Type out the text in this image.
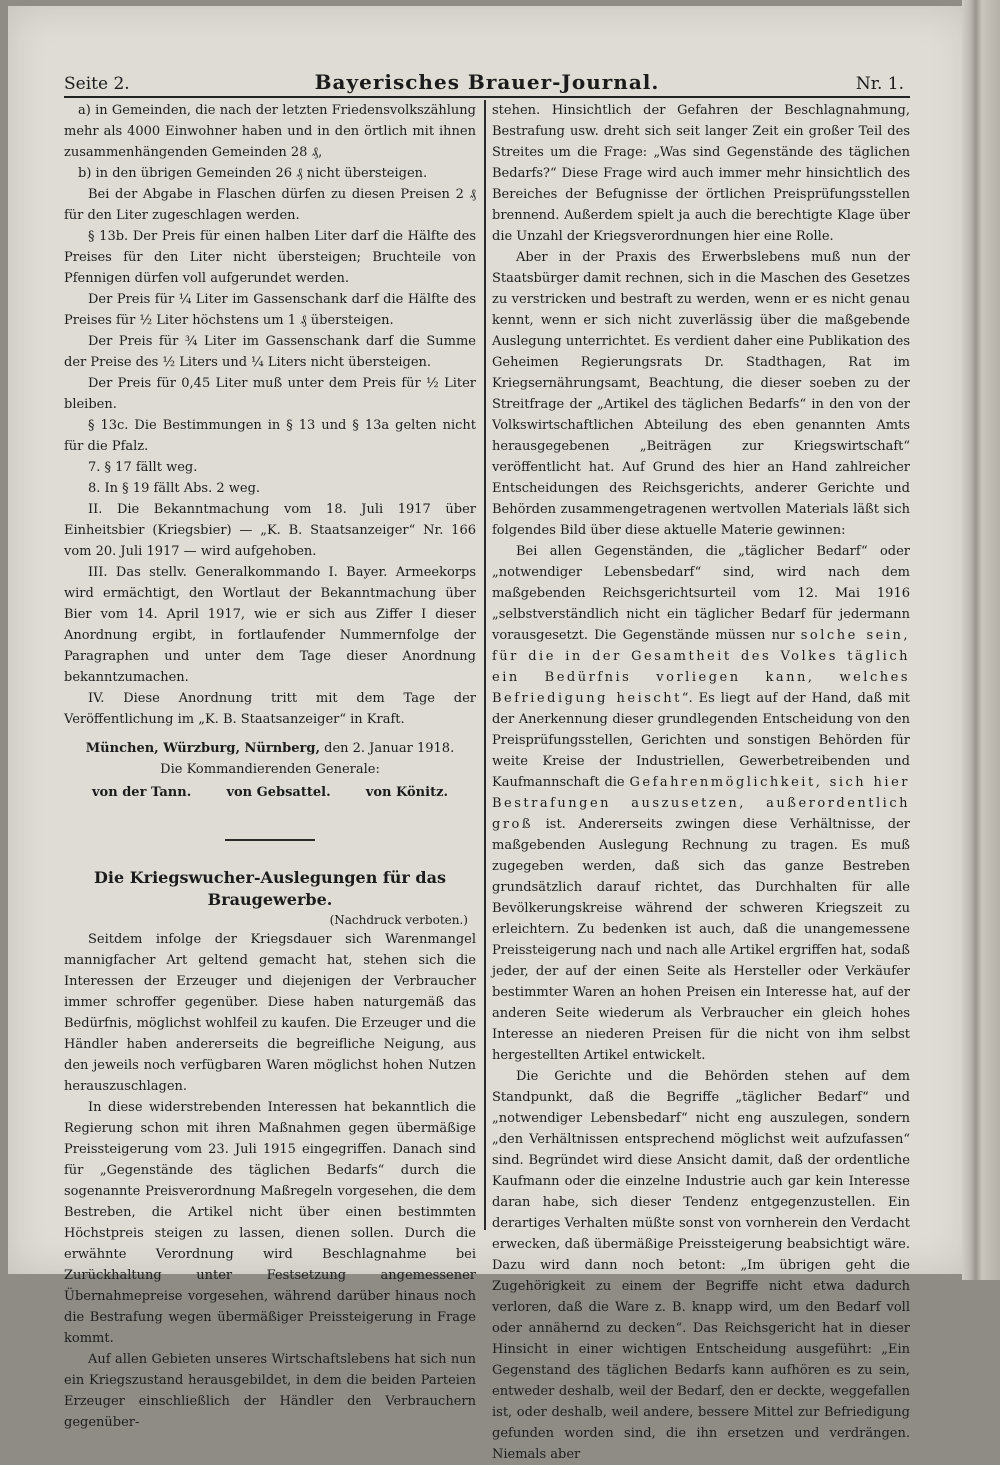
Seite 2.	Bayerisches Brauer-Journal.	Nr. 1.

a) in Gemeinden, die nach der letzten Friedensvolkszählung mehr als 4000 Einwohner haben und in den örtlich mit ihnen zusammenhängenden Gemeinden 28 ₰,

b) in den übrigen Gemeinden 26 ₰ nicht übersteigen.

Bei der Abgabe in Flaschen dürfen zu diesen Preisen 2 ₰ für den Liter zugeschlagen werden.

§ 13b. Der Preis für einen halben Liter darf die Hälfte des Preises für den Liter nicht übersteigen; Bruchteile von Pfennigen dürfen voll aufgerundet werden.

Der Preis für ¼ Liter im Gassenschank darf die Hälfte des Preises für ½ Liter höchstens um 1 ₰ übersteigen.

Der Preis für ¾ Liter im Gassenschank darf die Summe der Preise des ½ Liters und ¼ Liters nicht übersteigen.

Der Preis für 0,45 Liter muß unter dem Preis für ½ Liter bleiben.

§ 13c. Die Bestimmungen in § 13 und § 13a gelten nicht für die Pfalz.

7. § 17 fällt weg.

8. In § 19 fällt Abs. 2 weg.

II. Die Bekanntmachung vom 18. Juli 1917 über Einheitsbier (Kriegsbier) — „K. B. Staatsanzeiger“ Nr. 166 vom 20. Juli 1917 — wird aufgehoben.

III. Das stellv. Generalkommando I. Bayer. Armeekorps wird ermächtigt, den Wortlaut der Bekanntmachung über Bier vom 14. April 1917, wie er sich aus Ziffer I dieser Anordnung ergibt, in fortlaufender Nummernfolge der Paragraphen und unter dem Tage dieser Anordnung bekanntzumachen.

IV. Diese Anordnung tritt mit dem Tage der Veröffentlichung im „K. B. Staatsanzeiger“ in Kraft.

München, Würzburg, Nürnberg, den 2. Januar 1918.

Die Kommandierenden Generale:

von der Tann.	von Gebsattel.	von Könitz.

Die Kriegswucher-Auslegungen für das Braugewerbe.

(Nachdruck verboten.)

Seitdem infolge der Kriegsdauer sich Warenmangel mannigfacher Art geltend gemacht hat, stehen sich die Interessen der Erzeuger und diejenigen der Verbraucher immer schroffer gegenüber. Diese haben naturgemäß das Bedürfnis, möglichst wohlfeil zu kaufen. Die Erzeuger und die Händler haben andererseits die begreifliche Neigung, aus den jeweils noch verfügbaren Waren möglichst hohen Nutzen herauszuschlagen.

In diese widerstrebenden Interessen hat bekanntlich die Regierung schon mit ihren Maßnahmen gegen übermäßige Preissteigerung vom 23. Juli 1915 eingegriffen. Danach sind für „Gegenstände des täglichen Bedarfs“ durch die sogenannte Preisverordnung Maßregeln vorgesehen, die dem Bestreben, die Artikel nicht über einen bestimmten Höchstpreis steigen zu lassen, dienen sollen. Durch die erwähnte Verordnung wird Beschlagnahme bei Zurückhaltung unter Festsetzung angemessener Übernahmepreise vorgesehen, während darüber hinaus noch die Bestrafung wegen übermäßiger Preissteigerung in Frage kommt.

Auf allen Gebieten unseres Wirtschaftslebens hat sich nun ein Kriegszustand herausgebildet, in dem die beiden Parteien Erzeuger einschließlich der Händler den Verbrauchern gegenüber-

stehen. Hinsichtlich der Gefahren der Beschlagnahmung, Bestrafung usw. dreht sich seit langer Zeit ein großer Teil des Streites um die Frage: „Was sind Gegenstände des täglichen Bedarfs?“ Diese Frage wird auch immer mehr hinsichtlich des Bereiches der Befugnisse der örtlichen Preisprüfungsstellen brennend. Außerdem spielt ja auch die berechtigte Klage über die Unzahl der Kriegsverordnungen hier eine Rolle.

Aber in der Praxis des Erwerbslebens muß nun der Staatsbürger damit rechnen, sich in die Maschen des Gesetzes zu verstricken und bestraft zu werden, wenn er es nicht genau kennt, wenn er sich nicht zuverlässig über die maßgebende Auslegung unterrichtet. Es verdient daher eine Publikation des Geheimen Regierungsrats Dr. Stadthagen, Rat im Kriegsernährungsamt, Beachtung, die dieser soeben zu der Streitfrage der „Artikel des täglichen Bedarfs“ in den von der Volkswirtschaftlichen Abteilung des eben genannten Amts herausgegebenen „Beiträgen zur Kriegswirtschaft“ veröffentlicht hat. Auf Grund des hier an Hand zahlreicher Entscheidungen des Reichsgerichts, anderer Gerichte und Behörden zusammengetragenen wertvollen Materials läßt sich folgendes Bild über diese aktuelle Materie gewinnen:

Bei allen Gegenständen, die „täglicher Bedarf“ oder „notwendiger Lebensbedarf“ sind, wird nach dem maßgebenden Reichsgerichtsurteil vom 12. Mai 1916 „selbstverständlich nicht ein täglicher Bedarf für jedermann vorausgesetzt. Die Gegenstände müssen nur solche sein, für die in der Gesamtheit des Volkes täglich ein Bedürfnis vorliegen kann, welches Befriedigung heischt“. Es liegt auf der Hand, daß mit der Anerkennung dieser grundlegenden Entscheidung von den Preisprüfungsstellen, Gerichten und sonstigen Behörden für weite Kreise der Industriellen, Gewerbetreibenden und Kaufmannschaft die Gefahrenmöglichkeit, sich hier Bestrafungen auszusetzen, außerordentlich groß ist. Andererseits zwingen diese Verhältnisse, der maßgebenden Auslegung Rechnung zu tragen. Es muß zugegeben werden, daß sich das ganze Bestreben grundsätzlich darauf richtet, das Durchhalten für alle Bevölkerungskreise während der schweren Kriegszeit zu erleichtern. Zu bedenken ist auch, daß die unangemessene Preissteigerung nach und nach alle Artikel ergriffen hat, sodaß jeder, der auf der einen Seite als Hersteller oder Verkäufer bestimmter Waren an hohen Preisen ein Interesse hat, auf der anderen Seite wiederum als Verbraucher ein gleich hohes Interesse an niederen Preisen für die nicht von ihm selbst hergestellten Artikel entwickelt.

Die Gerichte und die Behörden stehen auf dem Standpunkt, daß die Begriffe „täglicher Bedarf“ und „notwendiger Lebensbedarf“ nicht eng auszulegen, sondern „den Verhältnissen entsprechend möglichst weit aufzufassen“ sind. Begründet wird diese Ansicht damit, daß der ordentliche Kaufmann oder die einzelne Industrie auch gar kein Interesse daran habe, sich dieser Tendenz entgegenzustellen. Ein derartiges Verhalten müßte sonst von vornherein den Verdacht erwecken, daß übermäßige Preissteigerung beabsichtigt wäre. Dazu wird dann noch betont: „Im übrigen geht die Zugehörigkeit zu einem der Begriffe nicht etwa dadurch verloren, daß die Ware z. B. knapp wird, um den Bedarf voll oder annähernd zu decken“. Das Reichsgericht hat in dieser Hinsicht in einer wichtigen Entscheidung ausgeführt: „Ein Gegenstand des täglichen Bedarfs kann aufhören es zu sein, entweder deshalb, weil der Bedarf, den er deckte, weggefallen ist, oder deshalb, weil andere, bessere Mittel zur Befriedigung gefunden worden sind, die ihn ersetzen und verdrängen. Niemals aber
